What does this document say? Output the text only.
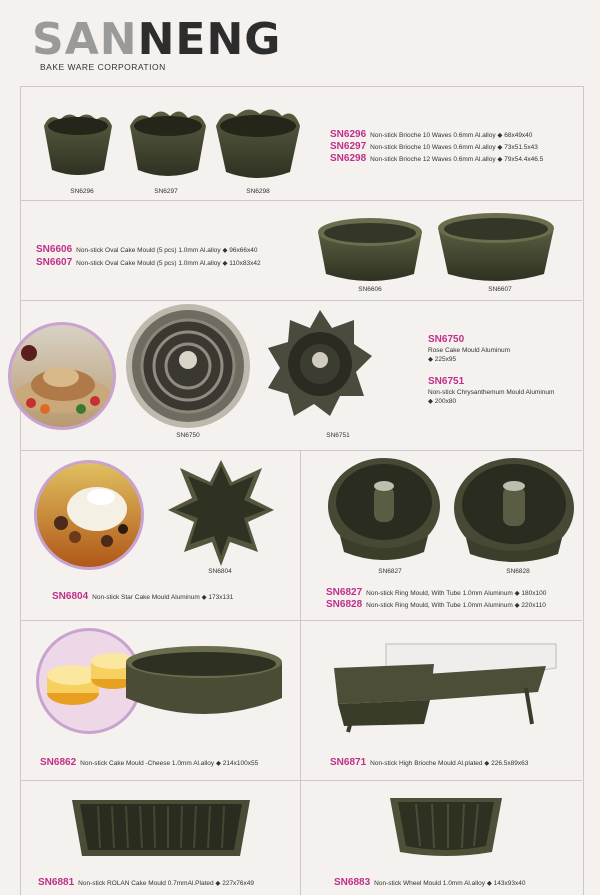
SANNENG
BAKE WARE CORPORATION
SN6296	SN6297	SN6298
SN6296 Non-stick Brioche 10 Waves 0.6mm Al.alloy ◆ 68x49x40
SN6297 Non-stick Brioche 10 Waves 0.6mm Al.alloy ◆ 73x51.5x43
SN6298 Non-stick Brioche 12 Waves 0.6mm Al.alloy ◆ 79x54.4x46.5
SN6606 Non-stick Oval Cake Mould (5 pcs) 1.0mm Al.alloy ◆ 96x66x40
SN6607 Non-stick Oval Cake Mould (5 pcs) 1.0mm Al.alloy ◆ 110x83x42
SN6606	SN6607
SN6750	SN6751
SN6750
Rose Cake Mould Aluminum
◆ 225x95
SN6751
Non-stick Chrysanthemum Mould Aluminum
◆ 200x80
SN6804
SN6804 Non-stick Star Cake Mould Aluminum ◆ 173x131
SN6827	SN6828
SN6827 Non-stick Ring Mould, With Tube 1.0mm Aluminum ◆ 180x100
SN6828 Non-stick Ring Mould, With Tube 1.0mm Aluminum ◆ 220x110
SN6862 Non-stick Cake Mould -Cheese 1.0mm Al.alloy ◆ 214x100x55	SN6871 Non-stick High Brioche Mould Al.plated ◆ 226.5x89x63
SN6881 Non-stick ROLAN Cake Mould 0.7mmAl.Plated ◆ 227x76x49	SN6883 Non-stick Wheel Mould 1.0mm Al.alloy ◆ 143x93x40
